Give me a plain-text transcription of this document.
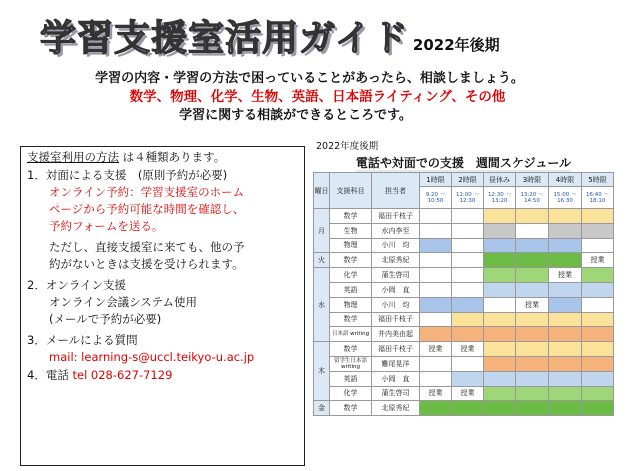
学習支援室活用ガイド 2022年後期
学習の内容・学習の方法で困っていることがあったら、相談しましょう。
数学、物理、化学、生物、英語、日本語ライティング、その他
学習に関する相談ができるところです。
支援室利用の方法 は４種類あります。
1．対面による支援　(原則予約が必要)
オンライン予約：学習支援室のホーム
ページから予約可能な時間を確認し、
予約フォームを送る。
ただし、直接支援室に来ても、他の予
約がないときは支援を受けられます。
2．オンライン支援
オンライン会議システム使用
(メールで予約が必要)
3．メールによる質問
mail: learning-s@uccl.teikyo-u.ac.jp
4．電話 tel 028-627-7129
2022年度後期
電話や対面での支援　週間スケジュール
曜日	支援科目	担当者	1時限	2時限	昼休み	3時限	4時限	5時限
			9:20 〜10:50	11:00 〜12:30	12:30 〜13:20	13:20 〜14:50	15:00 〜16:30	16:40 〜18:10
月	数学	福田千枝子						
	生物	水内李至						
	物理	小川　均						
火	数学	北原秀紀						授業
水	化学	蒲生啓司					授業	
	英語	小岡　直						
	物理	小川　均				授業		
	数学	福田千枝子						
	日本語 writing	井内美由起						
木	数学	福田千枝子	授業	授業				
	留学生日本語 writing	難尾晃洋						
	英語	小岡　直						
	化学	蒲生啓司	授業	授業				
金	数学	北原秀紀						
